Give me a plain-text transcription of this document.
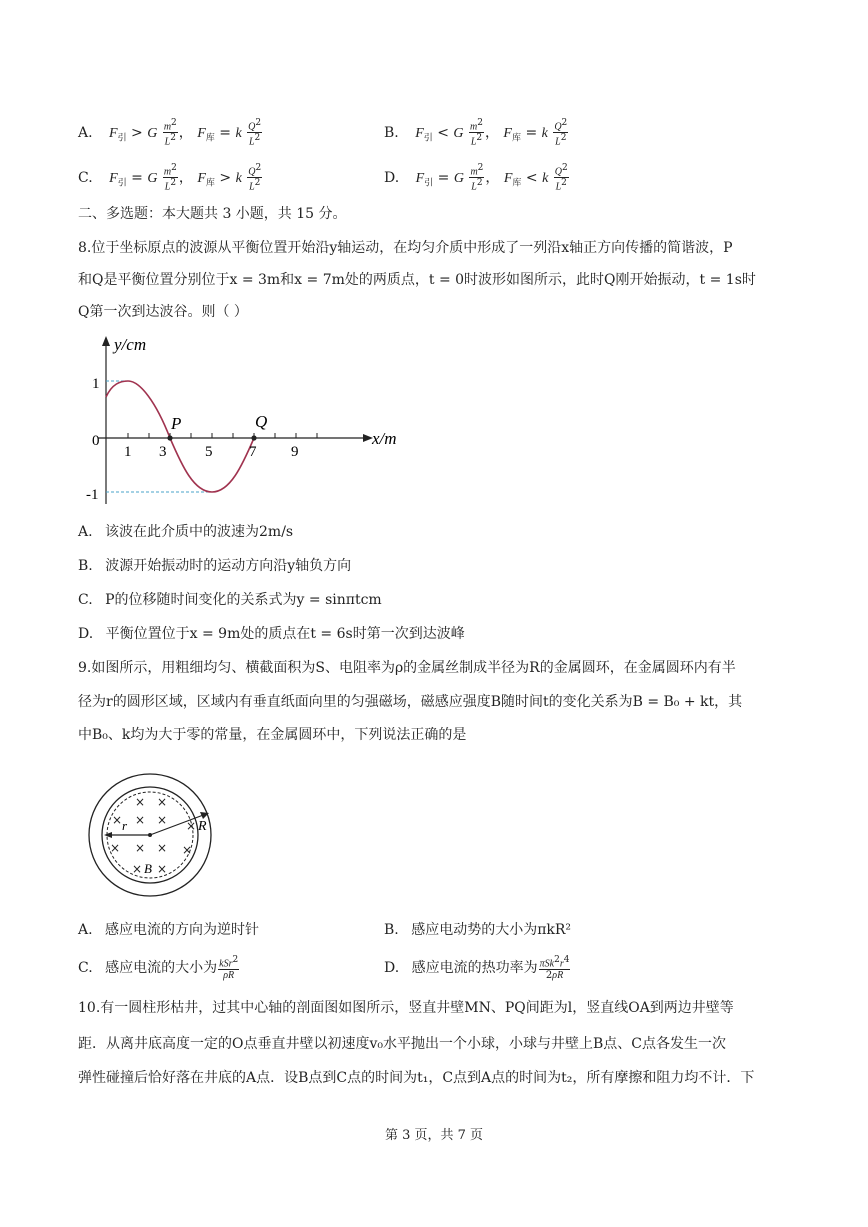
A. $F_引 > G \frac{m^2}{L^2}$ ， $F_库 = k \frac{Q^2}{L^2}$	B. $F_引 < G \frac{m^2}{L^2}$ ， $F_库 = k \frac{Q^2}{L^2}$
C. $F_引 = G \frac{m^2}{L^2}$ ， $F_库 > k \frac{Q^2}{L^2}$	D. $F_引 = G \frac{m^2}{L^2}$ ， $F_库 < k \frac{Q^2}{L^2}$
二、多选题：本大题共 3 小题，共 15 分。
8.位于坐标原点的波源从平衡位置开始沿y轴运动，在均匀介质中形成了一列沿x轴正方向传播的简谐波，P
和Q是平衡位置分别位于x = 3m和x = 7m处的两质点，t = 0时波形如图所示，此时Q刚开始振动，t = 1s时
Q第一次到达波谷。则（ ）
y/cm
x/m
1
0
-1
1 3	5 7 9
P	Q
A. 该波在此介质中的波速为2m/s
B. 波源开始振动时的运动方向沿y轴负方向
C. P的位移随时间变化的关系式为y = sinπtcm
D. 平衡位置位于x = 9m处的质点在t = 6s时第一次到达波峰
9.如图所示，用粗细均匀、横截面积为S、电阻率为ρ的金属丝制成半径为R的金属圆环，在金属圆环内有半
径为r的圆形区域，区域内有垂直纸面向里的匀强磁场，磁感应强度B随时间t的变化关系为B = B₀ + kt，其
中B₀、k均为大于零的常量，在金属圆环中，下列说法正确的是
× ×
× × ×
× × × ×
× ×
×
r	R
B
A. 感应电流的方向为逆时针	B. 感应电动势的大小为πkR²
C. 感应电流的大小为 $\frac{kSr^2}{\rho R}$	D. 感应电流的热功率为 $\frac{\pi Sk^2r^4}{2\rho R}$
10.有一圆柱形枯井，过其中心轴的剖面图如图所示，竖直井壁MN、PQ间距为l，竖直线OA到两边井壁等
距．从离井底高度一定的O点垂直井壁以初速度v₀水平抛出一个小球，小球与井壁上B点、C点各发生一次
弹性碰撞后恰好落在井底的A点．设B点到C点的时间为t₁，C点到A点的时间为t₂，所有摩擦和阻力均不计．下
第 3 页，共 7 页
